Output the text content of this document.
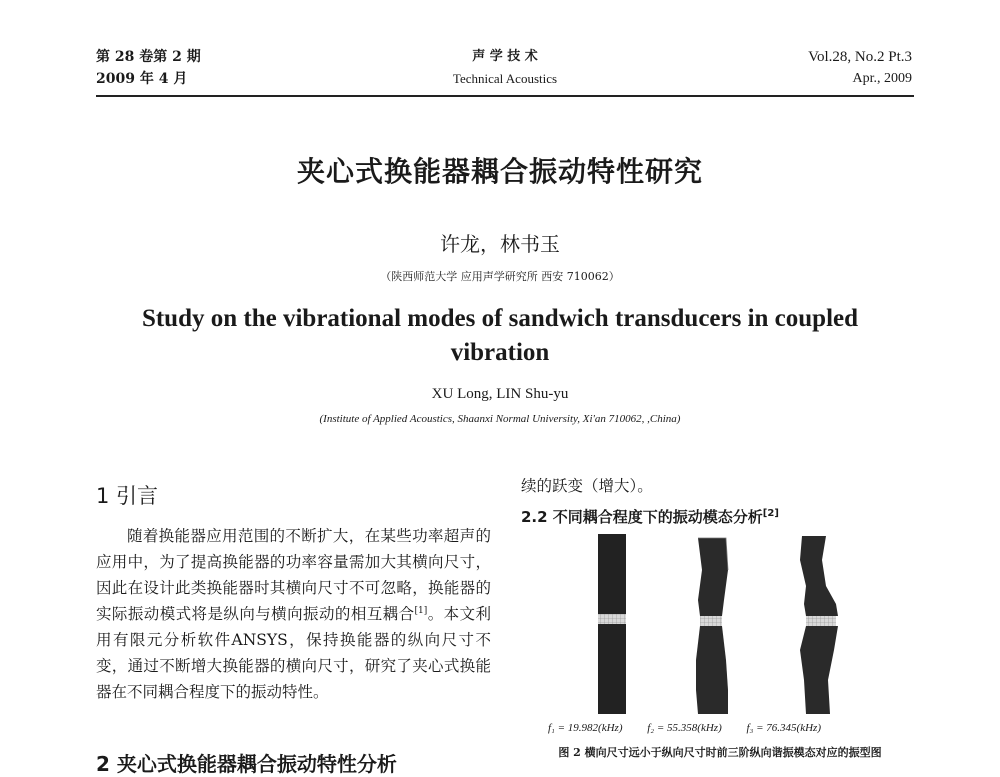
第 28 卷第 2 期
2009 年 4 月
声 学 技 术
Technical Acoustics
Vol.28, No.2 Pt.3
Apr., 2009
夹心式换能器耦合振动特性研究
许龙，林书玉
（陕西师范大学 应用声学研究所 西安 710062）
Study on the vibrational modes of sandwich transducers in coupled vibration
XU Long, LIN Shu-yu
(Institute of Applied Acoustics, Shaanxi Normal University, Xi'an 710062, ,China)
1 引言

随着换能器应用范围的不断扩大，在某些功率超声的应用中，为了提高换能器的功率容量需加大其横向尺寸，因此在设计此类换能器时其横向尺寸不可忽略，换能器的实际振动模式将是纵向与横向振动的相互耦合[1]。本文利用有限元分析软件ANSYS，保持换能器的纵向尺寸不变，通过不断增大换能器的横向尺寸，研究了夹心式换能器在不同耦合程度下的振动特性。

2 夹心式换能器耦合振动特性分析
续的跃变（增大）。
2.2 不同耦合程度下的振动模态分析[2]
f₁ = 19.982(kHz) f₂ = 55.358(kHz) f₃ = 76.345(kHz)
图 2 横向尺寸远小于纵向尺寸时前三阶纵向谐振模态对应的振型图
